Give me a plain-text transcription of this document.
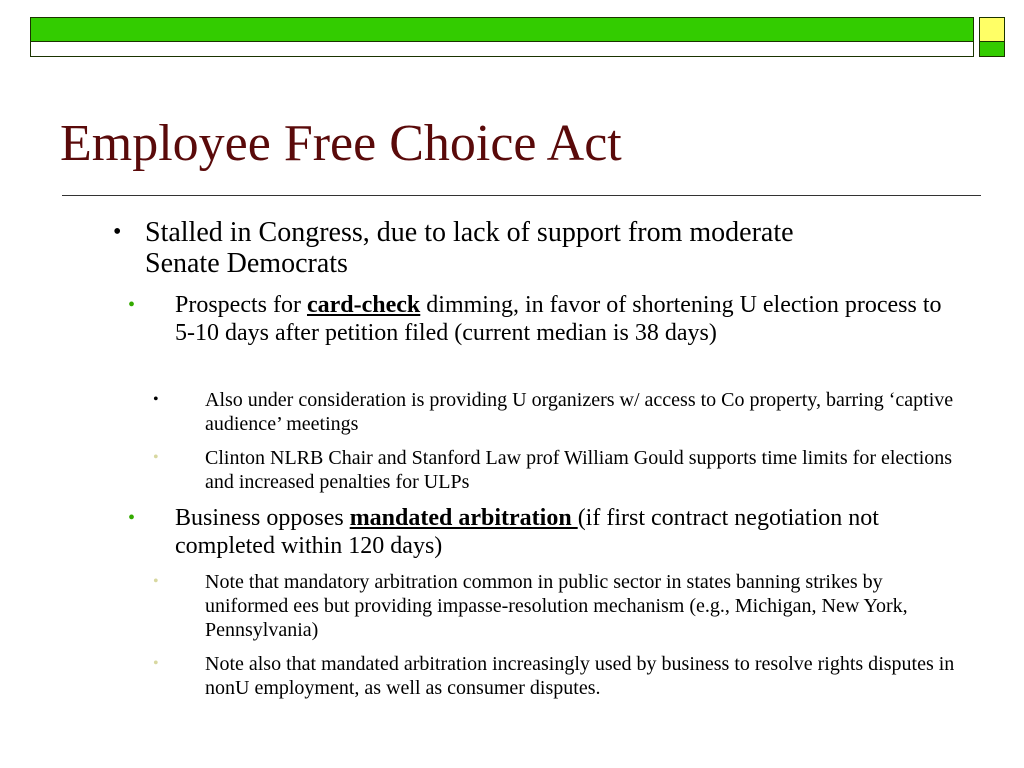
Employee Free Choice Act

• Stalled in Congress, due to lack of support from moderate Senate Democrats

• Prospects for card-check dimming, in favor of shortening U election process to 5-10 days after petition filed (current median is 38 days)

• Also under consideration is providing U organizers w/ access to Co property, barring ‘captive audience’ meetings

• Clinton NLRB Chair and Stanford Law prof William Gould supports time limits for elections and increased penalties for ULPs

• Business opposes mandated arbitration (if first contract negotiation not completed within 120 days)

• Note that mandatory arbitration common in public sector in states banning strikes by uniformed ees but providing impasse-resolution mechanism (e.g., Michigan, New York, Pennsylvania)

• Note also that mandated arbitration increasingly used by business to resolve rights disputes in nonU employment, as well as consumer disputes.
